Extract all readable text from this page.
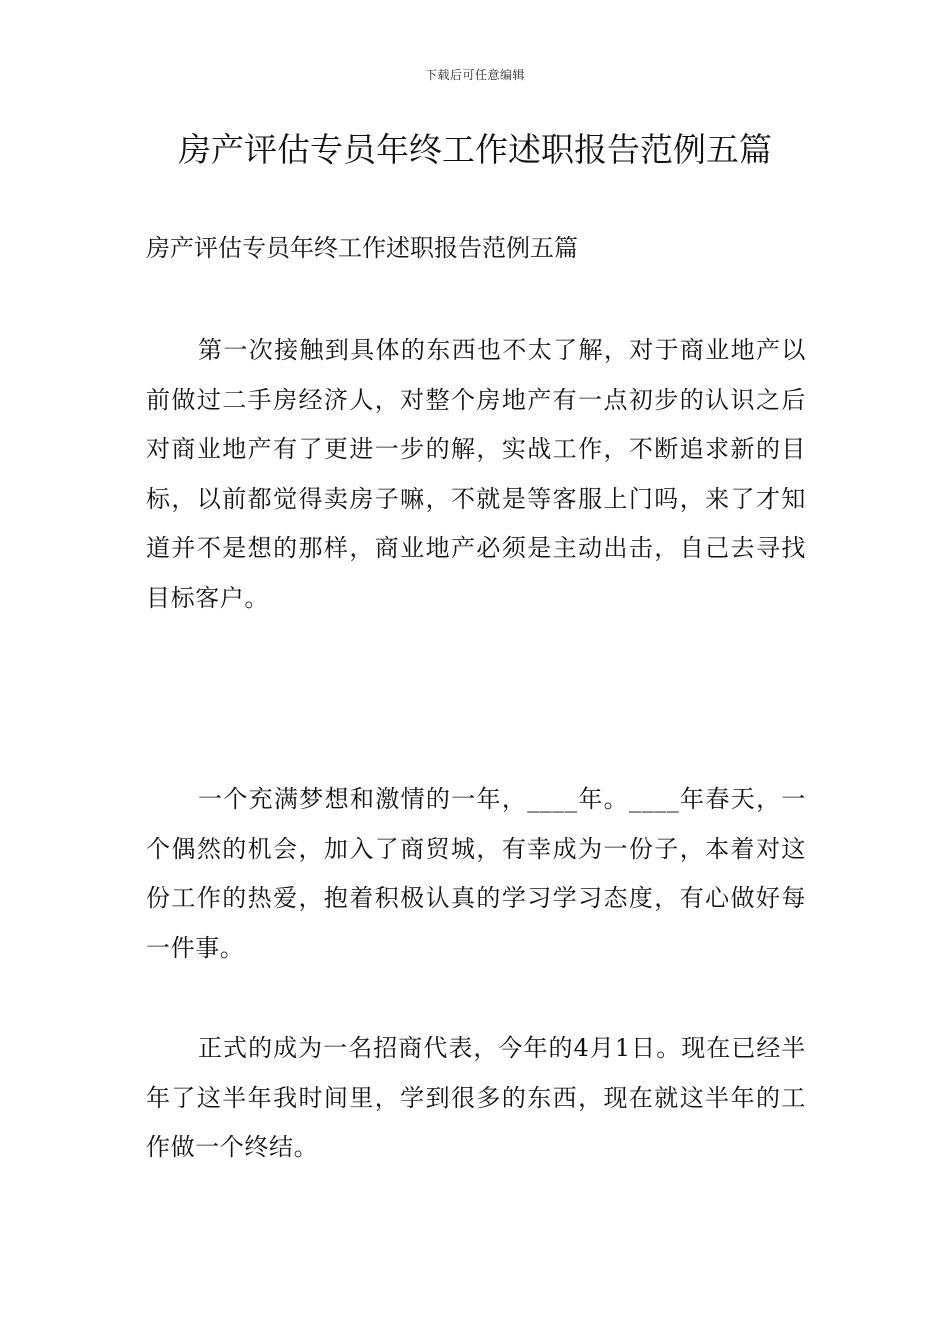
下载后可任意编辑
房产评估专员年终工作述职报告范例五篇

房产评估专员年终工作述职报告范例五篇

第一次接触到具体的东西也不太了解，对于商业地产以前做过二手房经济人，对整个房地产有一点初步的认识之后对商业地产有了更进一步的解，实战工作，不断追求新的目标，以前都觉得卖房子嘛，不就是等客服上门吗，来了才知道并不是想的那样，商业地产必须是主动出击，自己去寻找目标客户。

一个充满梦想和激情的一年，____年。____年春天，一个偶然的机会，加入了商贸城，有幸成为一份子，本着对这份工作的热爱，抱着积极认真的学习学习态度，有心做好每一件事。

正式的成为一名招商代表，今年的4月1日。现在已经半年了这半年我时间里，学到很多的东西，现在就这半年的工作做一个终结。
